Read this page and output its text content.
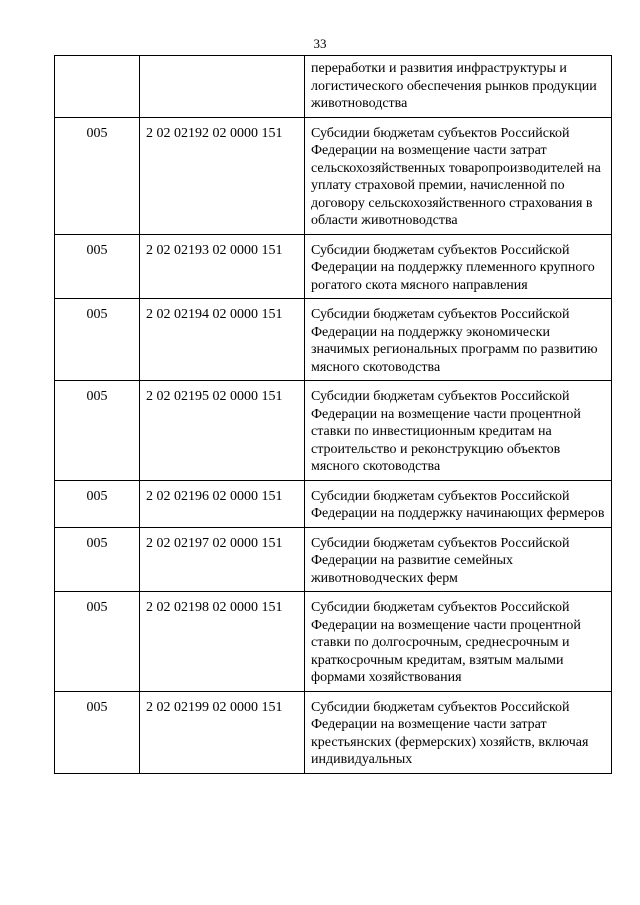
33
		переработки и развития инфраструктуры и логистического обеспечения рынков продукции животноводства
005	2 02 02192 02 0000 151	Субсидии бюджетам субъектов Российской Федерации на возмещение части затрат сельскохозяйственных товаропроизводителей на уплату страховой премии, начисленной по договору сельскохозяйственного страхования в области животноводства
005	2 02 02193 02 0000 151	Субсидии бюджетам субъектов Российской Федерации на поддержку племенного крупного рогатого скота мясного направления
005	2 02 02194 02 0000 151	Субсидии бюджетам субъектов Российской Федерации на поддержку экономически значимых региональных программ по развитию мясного скотоводства
005	2 02 02195 02 0000 151	Субсидии бюджетам субъектов Российской Федерации на возмещение части процентной ставки по инвестиционным кредитам на строительство и реконструкцию объектов мясного скотоводства
005	2 02 02196 02 0000 151	Субсидии бюджетам субъектов Российской Федерации на поддержку начинающих фермеров
005	2 02 02197 02 0000 151	Субсидии бюджетам субъектов Российской Федерации на развитие семейных животноводческих ферм
005	2 02 02198 02 0000 151	Субсидии бюджетам субъектов Российской Федерации на возмещение части процентной ставки по долгосрочным, среднесрочным и краткосрочным кредитам, взятым малыми формами хозяйствования
005	2 02 02199 02 0000 151	Субсидии бюджетам субъектов Российской Федерации на возмещение части затрат крестьянских (фермерских) хозяйств, включая индивидуальных
